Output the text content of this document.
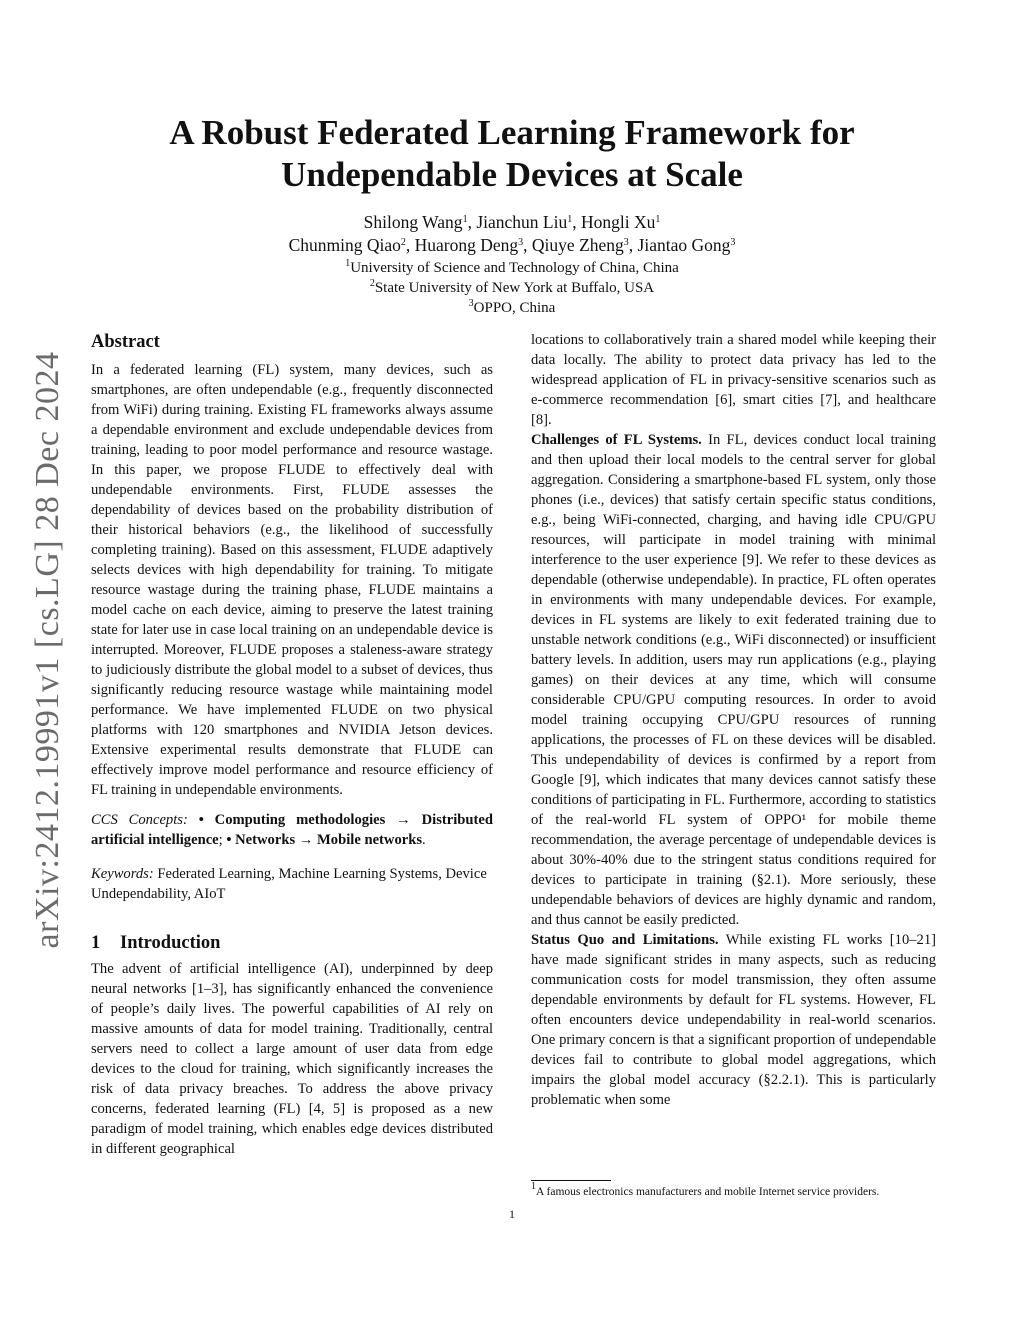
arXiv:2412.19991v1 [cs.LG] 28 Dec 2024
A Robust Federated Learning Framework for
Undependable Devices at Scale
Shilong Wang$^1$, Jianchun Liu$^1$, Hongli Xu$^1$
Chunming Qiao$^2$, Huarong Deng$^3$, Qiuye Zheng$^3$, Jiantao Gong$^3$
$^1$University of Science and Technology of China, China
$^2$State University of New York at Buffalo, USA
$^3$OPPO, China
Abstract

In a federated learning (FL) system, many devices, such as smartphones, are often undependable (e.g., frequently disconnected from WiFi) during training. Existing FL frameworks always assume a dependable environment and exclude undependable devices from training, leading to poor model performance and resource wastage. In this paper, we propose FLUDE to effectively deal with undependable environments. First, FLUDE assesses the dependability of devices based on the probability distribution of their historical behaviors (e.g., the likelihood of successfully completing training). Based on this assessment, FLUDE adaptively selects devices with high dependability for training. To mitigate resource wastage during the training phase, FLUDE maintains a model cache on each device, aiming to preserve the latest training state for later use in case local training on an undependable device is interrupted. Moreover, FLUDE proposes a staleness-aware strategy to judiciously distribute the global model to a subset of devices, thus significantly reducing resource wastage while maintaining model performance. We have implemented FLUDE on two physical platforms with 120 smartphones and NVIDIA Jetson devices. Extensive experimental results demonstrate that FLUDE can effectively improve model performance and resource efficiency of FL training in undependable environments.

CCS Concepts: • Computing methodologies → Distributed artificial intelligence; • Networks → Mobile networks.

Keywords: Federated Learning, Machine Learning Systems, Device Undependability, AIoT

1 Introduction

The advent of artificial intelligence (AI), underpinned by deep neural networks [1–3], has significantly enhanced the convenience of people’s daily lives. The powerful capabilities of AI rely on massive amounts of data for model training. Traditionally, central servers need to collect a large amount of user data from edge devices to the cloud for training, which significantly increases the risk of data privacy breaches. To address the above privacy concerns, federated learning (FL) [4, 5] is proposed as a new paradigm of model training, which enables edge devices distributed in different geographical

locations to collaboratively train a shared model while keeping their data locally. The ability to protect data privacy has led to the widespread application of FL in privacy-sensitive scenarios such as e-commerce recommendation [6], smart cities [7], and healthcare [8].

Challenges of FL Systems. In FL, devices conduct local training and then upload their local models to the central server for global aggregation. Considering a smartphone-based FL system, only those phones (i.e., devices) that satisfy certain specific status conditions, e.g., being WiFi-connected, charging, and having idle CPU/GPU resources, will participate in model training with minimal interference to the user experience [9]. We refer to these devices as dependable (otherwise undependable). In practice, FL often operates in environments with many undependable devices. For example, devices in FL systems are likely to exit federated training due to unstable network conditions (e.g., WiFi disconnected) or insufficient battery levels. In addition, users may run applications (e.g., playing games) on their devices at any time, which will consume considerable CPU/GPU computing resources. In order to avoid model training occupying CPU/GPU resources of running applications, the processes of FL on these devices will be disabled. This undependability of devices is confirmed by a report from Google [9], which indicates that many devices cannot satisfy these conditions of participating in FL. Furthermore, according to statistics of the real-world FL system of OPPO¹ for mobile theme recommendation, the average percentage of undependable devices is about 30%-40% due to the stringent status conditions required for devices to participate in training (§2.1). More seriously, these undependable behaviors of devices are highly dynamic and random, and thus cannot be easily predicted.

Status Quo and Limitations. While existing FL works [10–21] have made significant strides in many aspects, such as reducing communication costs for model transmission, they often assume dependable environments by default for FL systems. However, FL often encounters device undependability in real-world scenarios. One primary concern is that a significant proportion of undependable devices fail to contribute to global model aggregations, which impairs the global model accuracy (§2.2.1). This is particularly problematic when some

$^1$A famous electronics manufacturers and mobile Internet service providers.
1
